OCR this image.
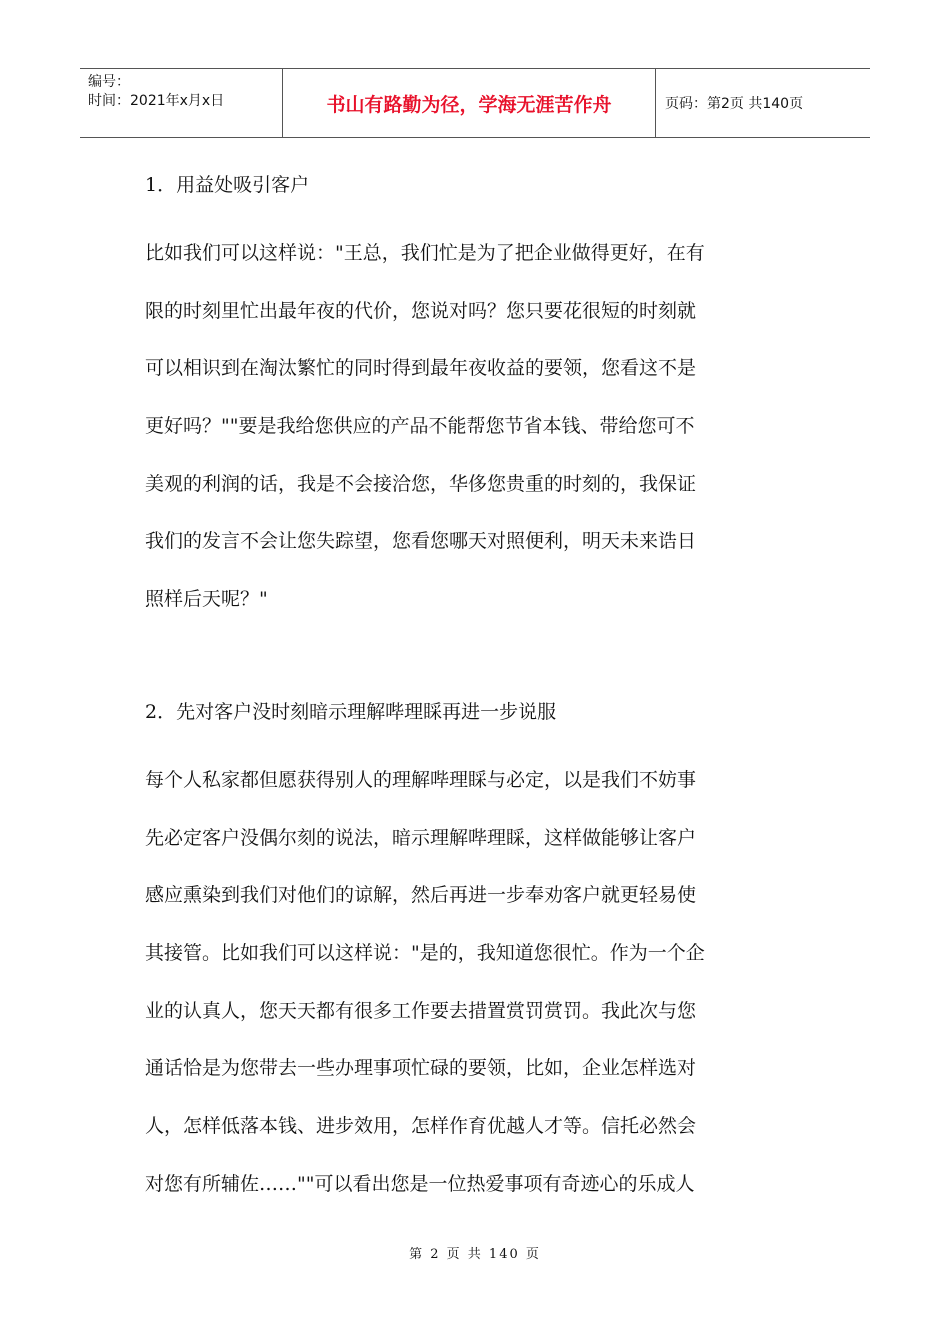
编号：
时间：2021年x月x日	书山有路勤为径，学海无涯苦作舟	页码：第2页 共140页
1．用益处吸引客户
比如我们可以这样说："王总，我们忙是为了把企业做得更好，在有
限的时刻里忙出最年夜的代价，您说对吗？您只要花很短的时刻就
可以相识到在淘汰繁忙的同时得到最年夜收益的要领，您看这不是
更好吗？""要是我给您供应的产品不能帮您节省本钱、带给您可不
美观的利润的话，我是不会接洽您，华侈您贵重的时刻的，我保证
我们的发言不会让您失踪望，您看您哪天对照便利，明天未来诰日
照样后天呢？"
2．先对客户没时刻暗示理解哔理睬再进一步说服
每个人私家都但愿获得别人的理解哔理睬与必定，以是我们不妨事
先必定客户没偶尔刻的说法，暗示理解哔理睬，这样做能够让客户
感应熏染到我们对他们的谅解，然后再进一步奉劝客户就更轻易使
其接管。比如我们可以这样说："是的，我知道您很忙。作为一个企
业的认真人，您天天都有很多工作要去措置赏罚赏罚。我此次与您
通话恰是为您带去一些办理事项忙碌的要领，比如，企业怎样选对
人，怎样低落本钱、进步效用，怎样作育优越人才等。信托必然会
对您有所辅佐……""可以看出您是一位热爱事项有奇迹心的乐成人
第 2 页 共 140 页
